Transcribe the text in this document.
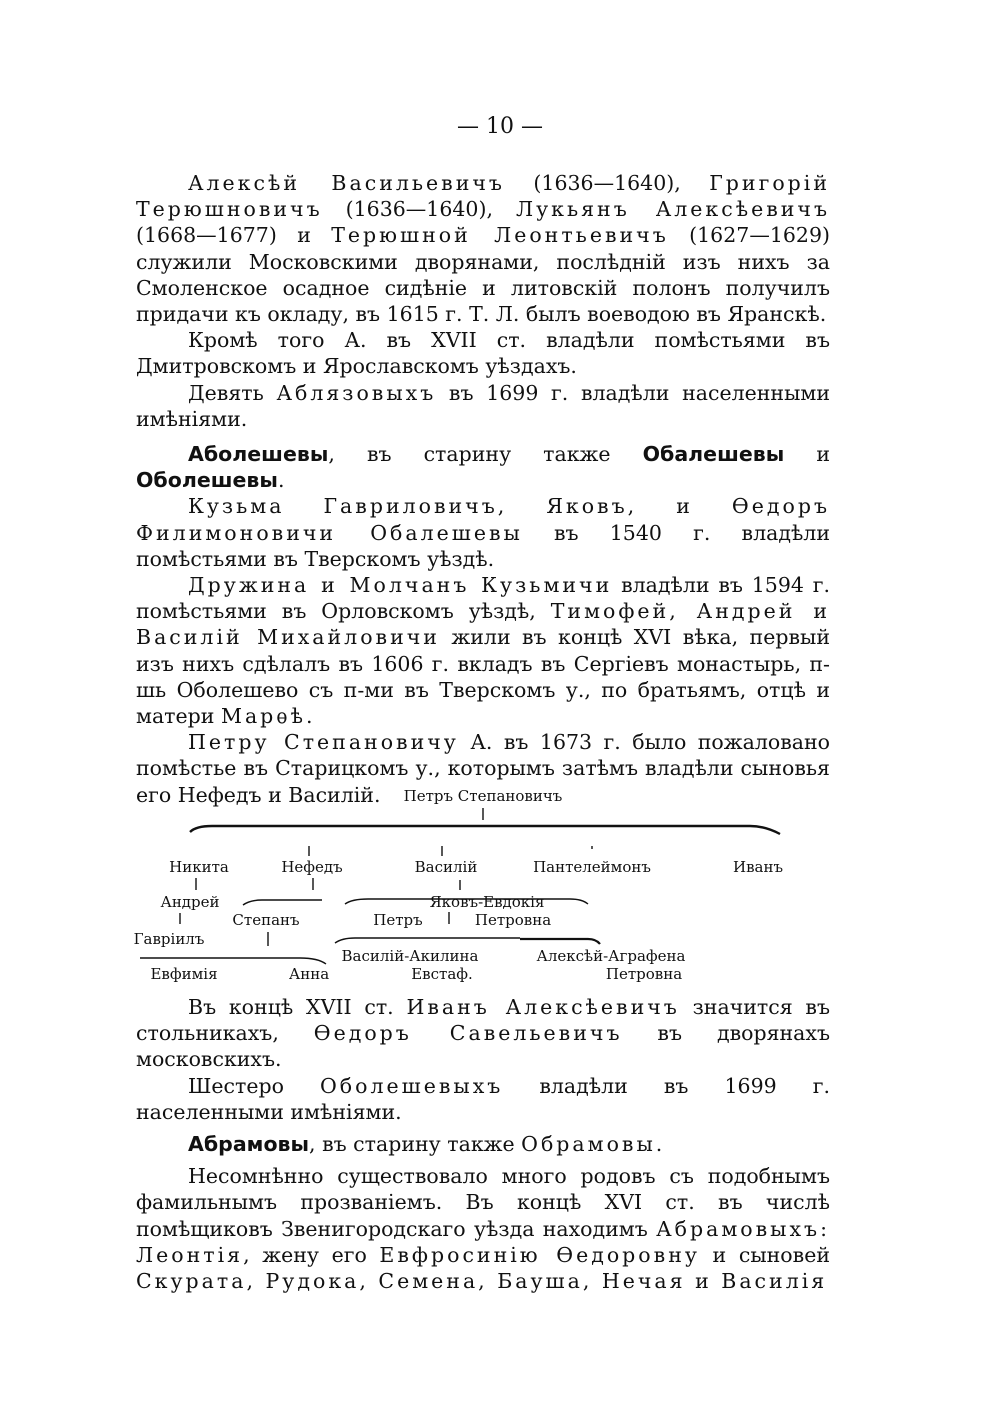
— 10 —

Алексѣй Васильевичъ (1636—1640), Григорій Терюшновичъ (1636—1640), Лукьянъ Алексѣевичъ (1668—1677) и Терюшной Леонтьевичъ (1627—1629) служили Московскими дворянами, послѣдній изъ нихъ за Смоленское осадное сидѣніе и литовскій полонъ получилъ придачи къ окладу, въ 1615 г. Т. Л. былъ воеводою въ Яранскѣ.

Кромѣ того А. въ XVII ст. владѣли помѣстьями въ Дмитровскомъ и Ярославскомъ уѣздахъ.

Девять Аблязовыхъ въ 1699 г. владѣли населенными имѣніями.

Аболешевы, въ старину также Обалешевы и Оболешевы.

Кузьма Гавриловичъ, Яковъ, и Ѳедоръ Филимоновичи Обалешевы въ 1540 г. владѣли помѣстьями въ Тверскомъ уѣздѣ.

Дружина и Молчанъ Кузьмичи владѣли въ 1594 г. помѣстьями въ Орловскомъ уѣздѣ, Тимофей, Андрей и Василій Михайловичи жили въ концѣ XVI вѣка, первый изъ нихъ сдѣлалъ въ 1606 г. вкладъ въ Сергіевъ монастырь, п-шь Оболешево съ п-ми въ Тверскомъ у., по братьямъ, отцѣ и матери Марѳѣ.

Петру Степановичу А. въ 1673 г. было пожаловано помѣстье въ Старицкомъ у., которымъ затѣмъ владѣли сыновья его Нефедъ и Василій.	Петръ Степановичъ
Никита	Нефедъ	Василій	Пантелеймонъ	Иванъ
Андрей	Яковъ-Евдокія
Степанъ	Петръ	Петровна
Гавріилъ
Василій-Акилина	Алексѣй-Аграфена
Евфимія	Анна	Евстаф.	Петровна

Въ концѣ XVII ст. Иванъ Алексѣевичъ значится въ стольникахъ, Ѳедоръ Савельевичъ въ дворянахъ московскихъ.

Шестеро Оболешевыхъ владѣли въ 1699 г. населенными имѣніями.

Абрамовы, въ старину также Обрамовы.

Несомнѣнно существовало много родовъ съ подобнымъ фамильнымъ прозваніемъ. Въ концѣ XVI ст. въ числѣ помѣщиковъ Звенигородскаго уѣзда находимъ Абрамовыхъ: Леонтія, жену его Евфросинію Ѳедоровну и сыновей Скурата, Рудока, Семена, Бауша, Нечая и Василія
